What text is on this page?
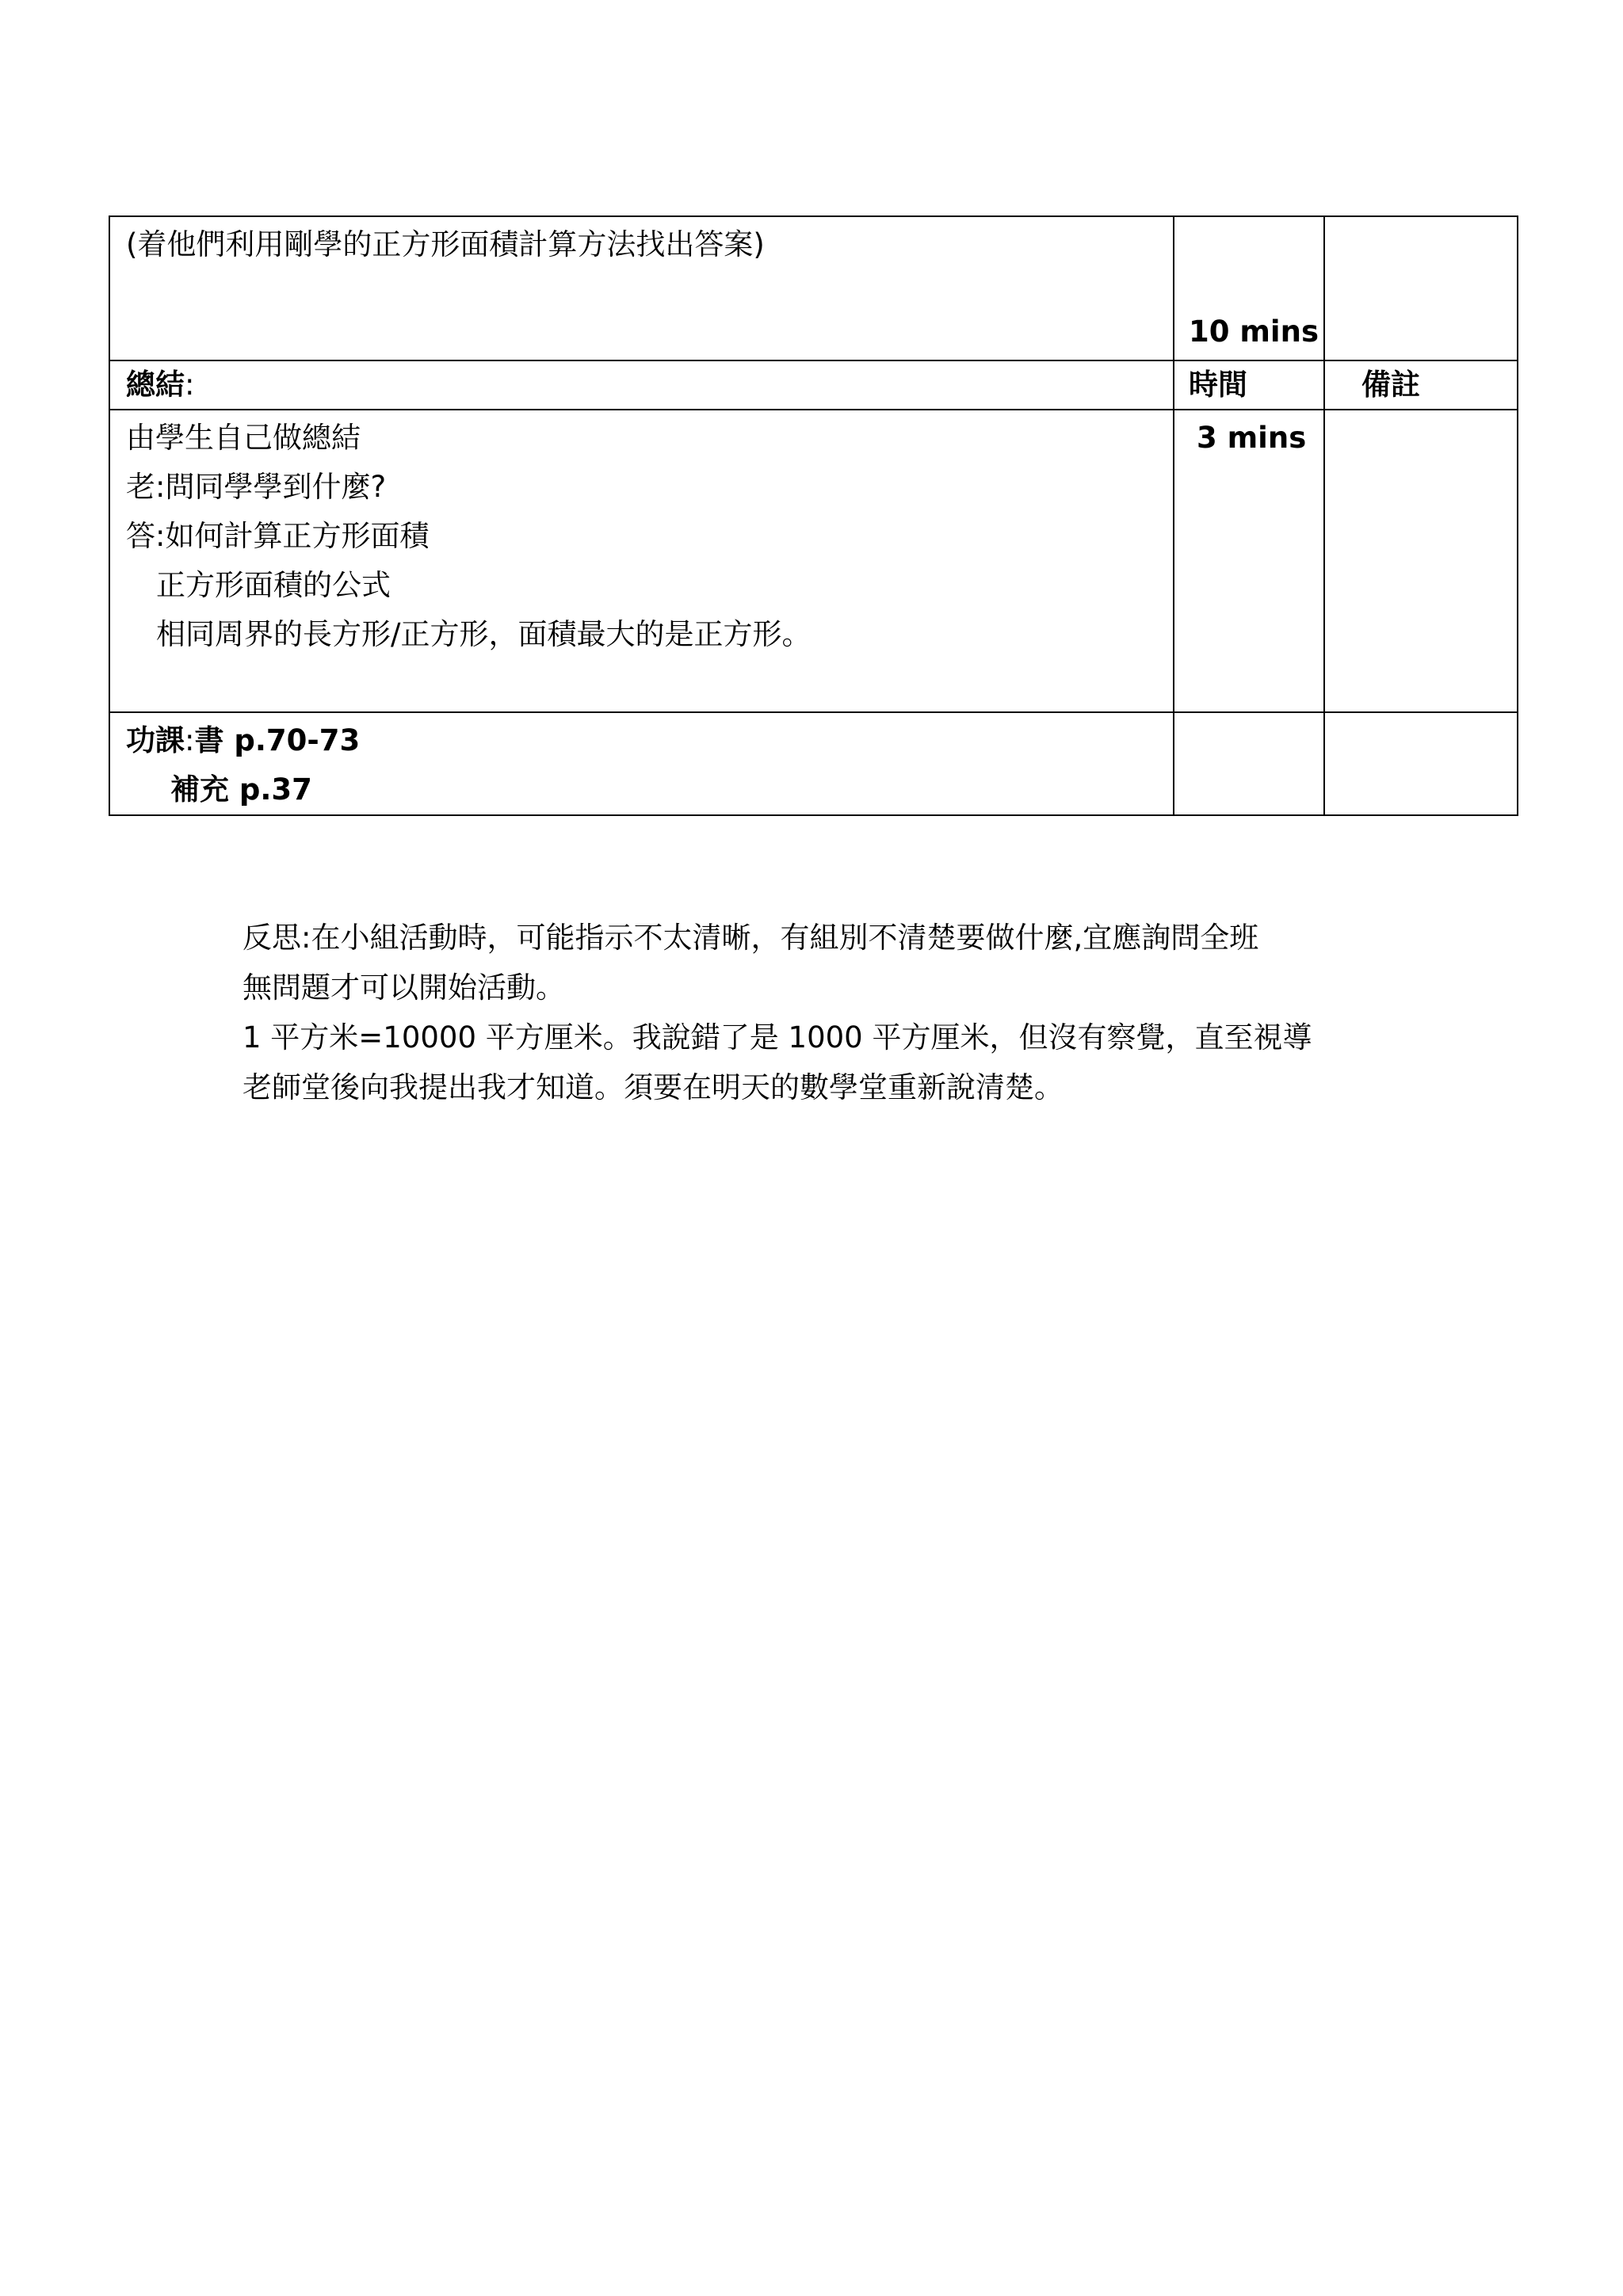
(着他們利用剛學的正方形面積計算方法找出答案)	10 mins	

總結:	時間	備註

由學生自己做總結
老:問同學學到什麼?
答:如何計算正方形面積
正方形面積的公式
相同周界的長方形/正方形，面積最大的是正方形。	3 mins	

功課:書 p.70-73
補充 p.37		

反思:在小組活動時，可能指示不太清晰，有組別不清楚要做什麼,宜應詢問全班
無問題才可以開始活動。
1 平方米=10000 平方厘米。我說錯了是 1000 平方厘米，但沒有察覺，直至視導
老師堂後向我提出我才知道。須要在明天的數學堂重新說清楚。
